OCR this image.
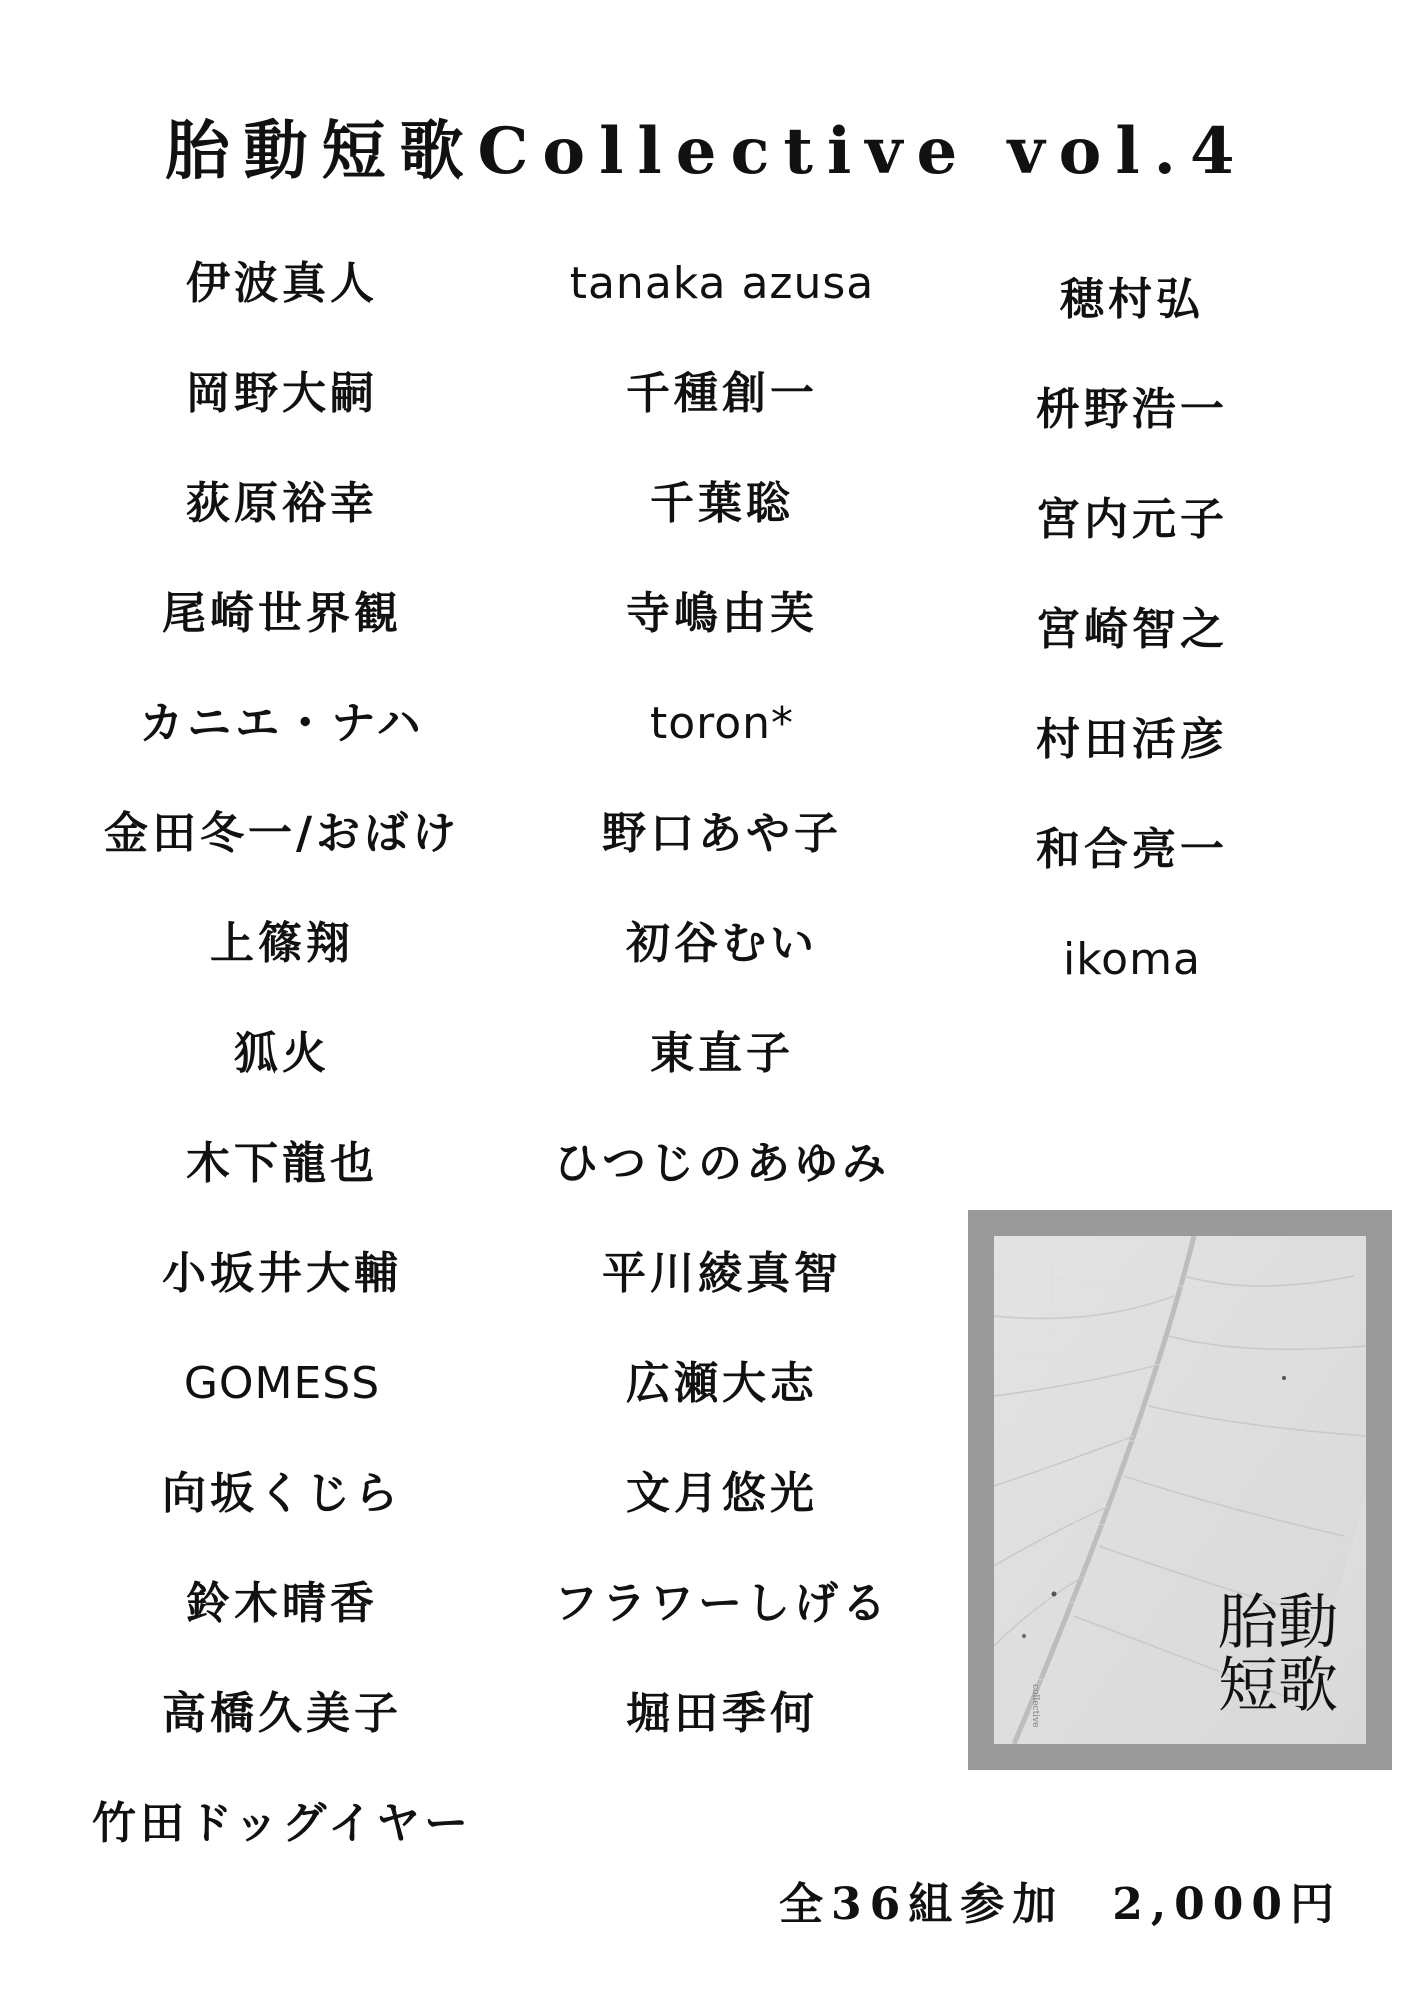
胎動短歌Collective vol.4
伊波真人
岡野大嗣
荻原裕幸
尾崎世界観
カニエ・ナハ
金田冬一/おばけ
上篠翔
狐火
木下龍也
小坂井大輔
GOMESS
向坂くじら
鈴木晴香
高橋久美子
竹田ドッグイヤー
tanaka azusa
千種創一
千葉聡
寺嶋由芙
toron*
野口あや子
初谷むい
東直子
ひつじのあゆみ
平川綾真智
広瀬大志
文月悠光
フラワーしげる
堀田季何
穂村弘
枡野浩一
宮内元子
宮崎智之
村田活彦
和合亮一
ikoma
collective
胎動
短歌
全36組参加 2,000円
